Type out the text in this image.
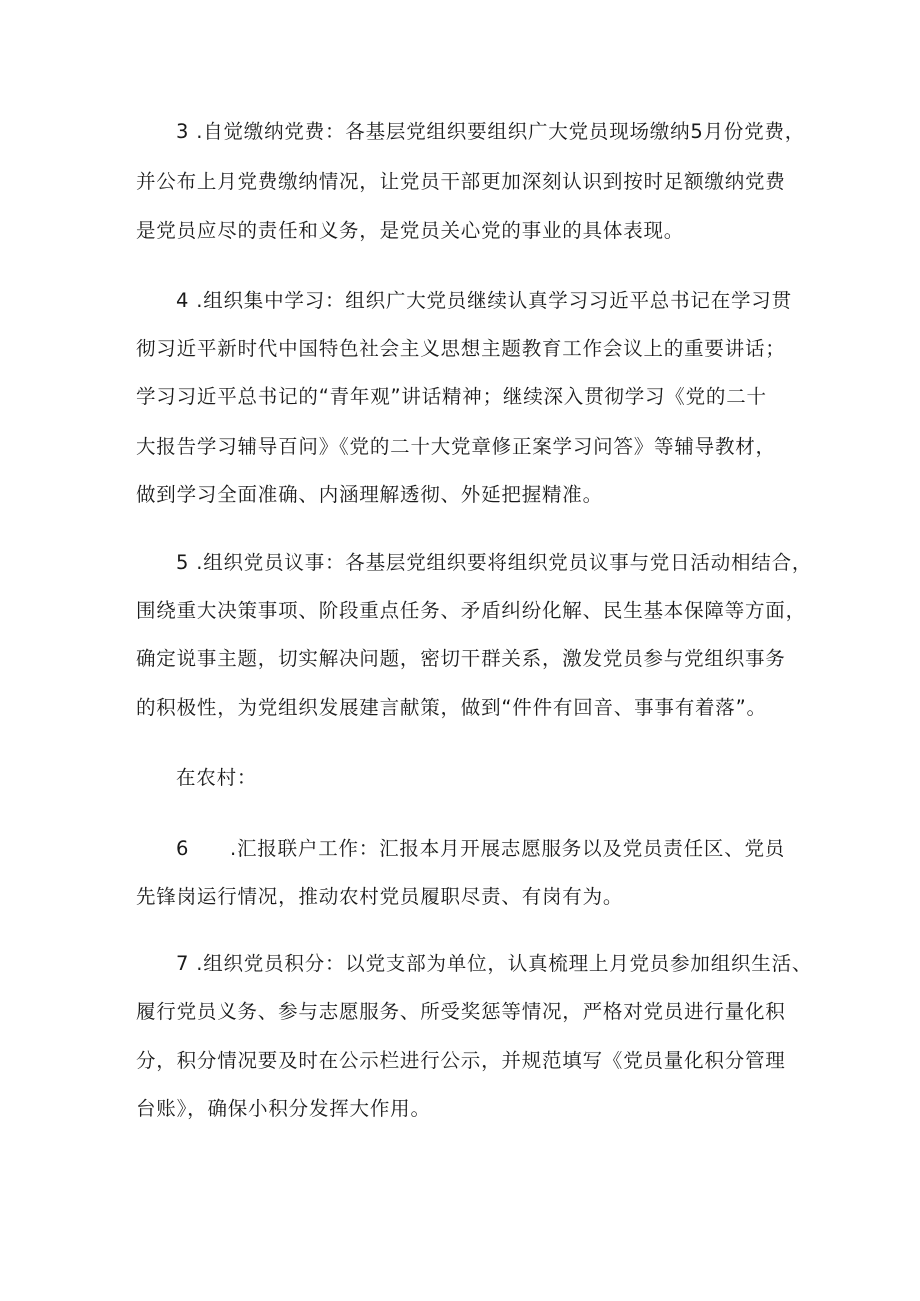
3 .自觉缴纳党费：各基层党组织要组织广大党员现场缴纳5月份党费，
并公布上月党费缴纳情况，让党员干部更加深刻认识到按时足额缴纳党费
是党员应尽的责任和义务，是党员关心党的事业的具体表现。
4 .组织集中学习：组织广大党员继续认真学习习近平总书记在学习贯
彻习近平新时代中国特色社会主义思想主题教育工作会议上的重要讲话；
学习习近平总书记的“青年观”讲话精神；继续深入贯彻学习《党的二十
大报告学习辅导百问》《党的二十大党章修正案学习问答》等辅导教材，
做到学习全面准确、内涵理解透彻、外延把握精准。
5 .组织党员议事：各基层党组织要将组织党员议事与党日活动相结合，
围绕重大决策事项、阶段重点任务、矛盾纠纷化解、民生基本保障等方面，
确定说事主题，切实解决问题，密切干群关系，激发党员参与党组织事务
的积极性，为党组织发展建言献策，做到“件件有回音、事事有着落”。
在农村：
6 .汇报联户工作：汇报本月开展志愿服务以及党员责任区、党员
先锋岗运行情况，推动农村党员履职尽责、有岗有为。
7 .组织党员积分：以党支部为单位，认真梳理上月党员参加组织生活、
履行党员义务、参与志愿服务、所受奖惩等情况，严格对党员进行量化积
分，积分情况要及时在公示栏进行公示，并规范填写《党员量化积分管理
台账》，确保小积分发挥大作用。
